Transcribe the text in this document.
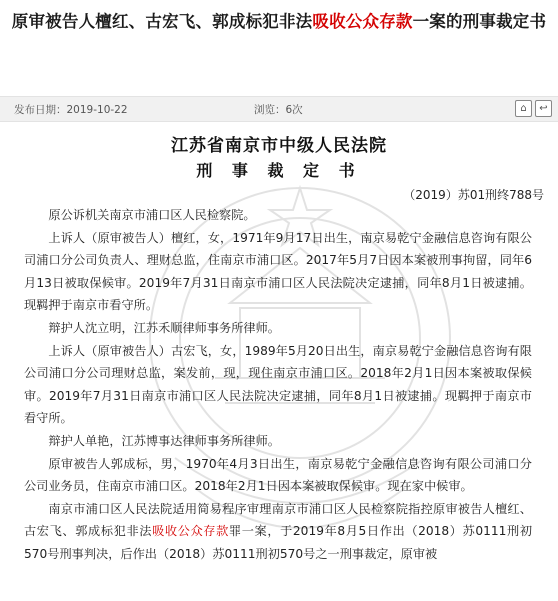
原审被告人檀红、古宏飞、郭成标犯非法吸收公众存款一案的刑事裁定书
发布日期：2019-10-22	浏览：6次	⌂	↩
江苏省南京市中级人民法院
刑 事 裁 定 书
（2019）苏01刑终788号

原公诉机关南京市浦口区人民检察院。

上诉人（原审被告人）檀红，女，1971年9月17日出生，南京易乾宁金融信息咨询有限公司浦口分公司负责人、理财总监，住南京市浦口区。2017年5月7日因本案被刑事拘留，同年6月13日被取保候审。2019年7月31日南京市浦口区人民法院决定逮捕，同年8月1日被逮捕。现羁押于南京市看守所。

辩护人沈立明，江苏禾顺律师事务所律师。

上诉人（原审被告人）古宏飞，女，1989年5月20日出生，南京易乾宁金融信息咨询有限公司浦口分公司理财总监，案发前，现，现住南京市浦口区。2018年2月1日因本案被取保候审。2019年7月31日南京市浦口区人民法院决定逮捕，同年8月1日被逮捕。现羁押于南京市看守所。

辩护人单艳，江苏博事达律师事务所律师。

原审被告人郭成标，男，1970年4月3日出生，南京易乾宁金融信息咨询有限公司浦口分公司业务员，住南京市浦口区。2018年2月1日因本案被取保候审。现在家中候审。

南京市浦口区人民法院适用简易程序审理南京市浦口区人民检察院指控原审被告人檀红、古宏飞、郭成标犯非法吸收公众存款罪一案，于2019年8月5日作出（2018）苏0111刑初570号刑事判决，后作出（2018）苏0111刑初570号之一刑事裁定，原审被
